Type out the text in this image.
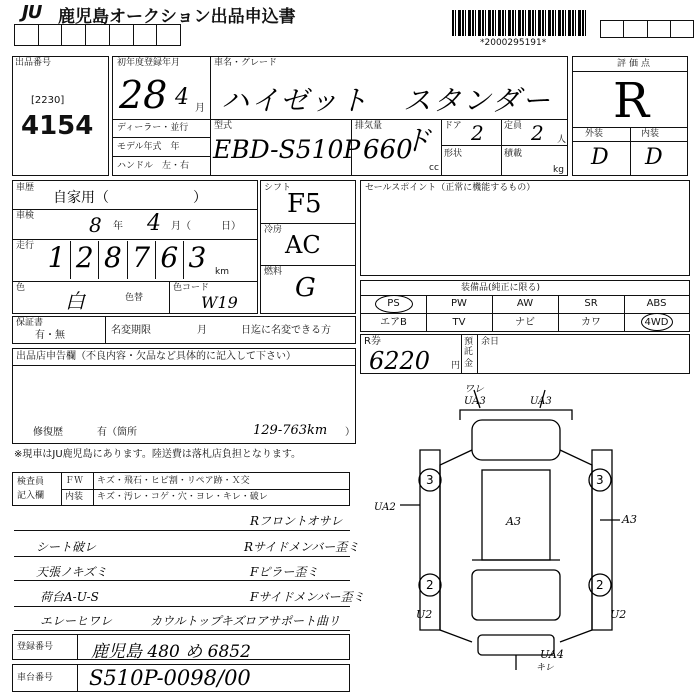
JU 鹿児島オークション出品申込書
*2000295191*
出品番号
[2230]
4154
初年度登録年月
28 4 月
車名・グレード
ハイゼット スタンダード
ディーラー・並行
モデル年式　年
ハンドル　左・右
型式
EBD-S510P
排気量
660
cc
ドア 2 定員 2 人
形状	積載
kg
評価点
R
外装	内装
D D
車歴
自家用（　　　　　　）
車検	8 年 4 月（　　　日）
走行 1 2 8 7 6 3 km
色
白	色替
色コード
W19
シフト
F5
冷房
AC
燃料
G
セールスポイント（正常に機能するもの）
装備品(純正に限る)
PS	PW	AW	SR	ABS
エアB	TV	ナビ	カワ	4WD
保証書
有・無	名変期限	月	日迄に名変できる方
R券
6220 円
預託
金
余日
出品店申告欄（不良内容・欠品など具体的に記入して下さい）
修復歴	有（箇所	129-763km ）
※現車はJU鹿児島にあります。陸送費は落札店負担となります。
検査員
記入欄
ＦＷ キズ・飛石・ヒビ割・リペア跡・Ｘ交
内装 キズ・汚レ・コゲ・穴・ヨレ・キレ・破レ
Rフロントオサレ
シート破レ	Rサイドメンバー歪ミ
天張ノキズミ	Fピラー歪ミ
荷台A-U-S	Fサイドメンバー歪ミ
エレーヒワレ	カウルトップキズ ロアサポート曲リ
3	3
2	2
ワレ
UA3	UA3
UA2
A3	A3
U2	U2
UA4
キレ
登録番号 鹿児島 480 め 6852
車台番号 S510P-0098/00
